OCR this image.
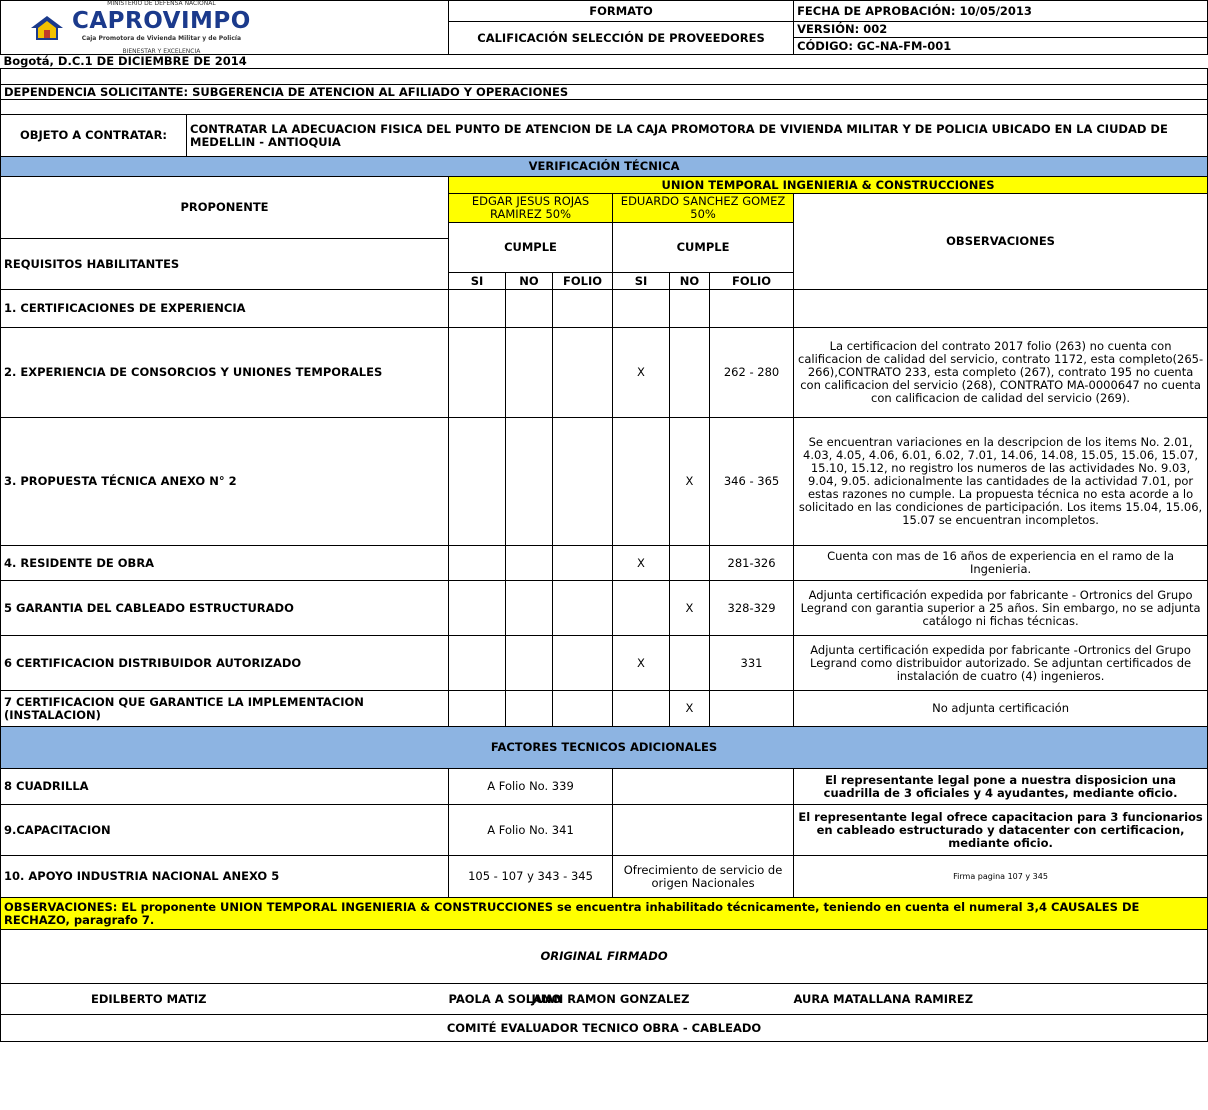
MINISTERIO DE DEFENSA NACIONAL
CAPROVIMPO
Caja Promotora de Vivienda Militar y de Policía
BIENESTAR Y EXCELENCIA		FORMATO						FECHA DE APROBACIÓN: 10/05/2013
		CALIFICACIÓN SELECCIÓN DE PROVEEDORES						VERSIÓN: 002
								CÓDIGO: GC-NA-FM-001
Bogotá, D.C.1 DE DICIEMBRE DE 2014								

DEPENDENCIA SOLICITANTE: SUBGERENCIA DE ATENCION AL AFILIADO Y OPERACIONES								

OBJETO A CONTRATAR:	CONTRATAR LA ADECUACION FISICA DEL PUNTO DE ATENCION DE LA CAJA PROMOTORA DE VIVIENDA MILITAR Y DE POLICIA UBICADO EN LA CIUDAD DE MEDELLIN - ANTIOQUIA							
VERIFICACIÓN TÉCNICA								
PROPONENTE		UNION TEMPORAL INGENIERIA & CONSTRUCCIONES						
		EDGAR JESUS ROJAS RAMIREZ 50%			EDUARDO SANCHEZ GOMEZ 50%			OBSERVACIONES
		CUMPLE			CUMPLE			
REQUISITOS HABILITANTES								
		SI	NO	FOLIO	SI	NO	FOLIO	
1. CERTIFICACIONES DE EXPERIENCIA								
2. EXPERIENCIA DE CONSORCIOS Y UNIONES TEMPORALES					X		262 - 280	La certificacion del contrato 2017 folio (263) no cuenta con calificacion de calidad del servicio, contrato 1172, esta completo(265-266),CONTRATO 233, esta completo (267), contrato 195 no cuenta con calificacion del servicio (268), CONTRATO MA-0000647 no cuenta con calificacion de calidad del servicio (269).
3. PROPUESTA TÉCNICA ANEXO N° 2						X	346 - 365	Se encuentran variaciones en la descripcion de los items No. 2.01, 4.03, 4.05, 4.06, 6.01, 6.02, 7.01, 14.06, 14.08, 15.05, 15.06, 15.07, 15.10, 15.12, no registro los numeros de las actividades No. 9.03, 9.04, 9.05. adicionalmente las cantidades de la actividad 7.01, por estas razones no cumple. La propuesta técnica no esta acorde a lo solicitado en las condiciones de participación. Los items 15.04, 15.06, 15.07 se encuentran incompletos.
4. RESIDENTE DE OBRA					X		281-326	Cuenta con mas de 16 años de experiencia en el ramo de la Ingenieria.
5 GARANTIA DEL CABLEADO ESTRUCTURADO						X	328-329	Adjunta certificación expedida por fabricante - Ortronics del Grupo Legrand con garantia superior a 25 años. Sin embargo, no se adjunta catálogo ni fichas técnicas.
6 CERTIFICACION DISTRIBUIDOR AUTORIZADO					X		331	Adjunta certificación expedida por fabricante -Ortronics del Grupo Legrand como distribuidor autorizado. Se adjuntan certificados de instalación de cuatro (4) ingenieros.
7 CERTIFICACION QUE GARANTICE LA IMPLEMENTACION (INSTALACION)						X		No adjunta certificación
FACTORES TECNICOS ADICIONALES								
8 CUADRILLA		A Folio No. 339						El representante legal pone a nuestra disposicion una cuadrilla de 3 oficiales y 4 ayudantes, mediante oficio.
9.CAPACITACION		A Folio No. 341						El representante legal ofrece capacitacion para 3 funcionarios en cableado estructurado y datacenter con certificacion, mediante oficio.
10. APOYO INDUSTRIA NACIONAL ANEXO 5		105 - 107 y 343 - 345			Ofrecimiento de servicio de origen Nacionales			Firma pagina 107 y 345
OBSERVACIONES: EL proponente UNION TEMPORAL INGENIERIA & CONSTRUCCIONES se encuentra inhabilitado técnicamente, teniendo en cuenta el numeral 3,4 CAUSALES DE RECHAZO, paragrafo 7.								
ORIGINAL FIRMADO								
EDILBERTO MATIZ		PAOLA A SOLANO					JUAN RAMON GONZALEZ AURA MATALLANA RAMIREZ	
COMITÉ EVALUADOR TECNICO OBRA - CABLEADO								
